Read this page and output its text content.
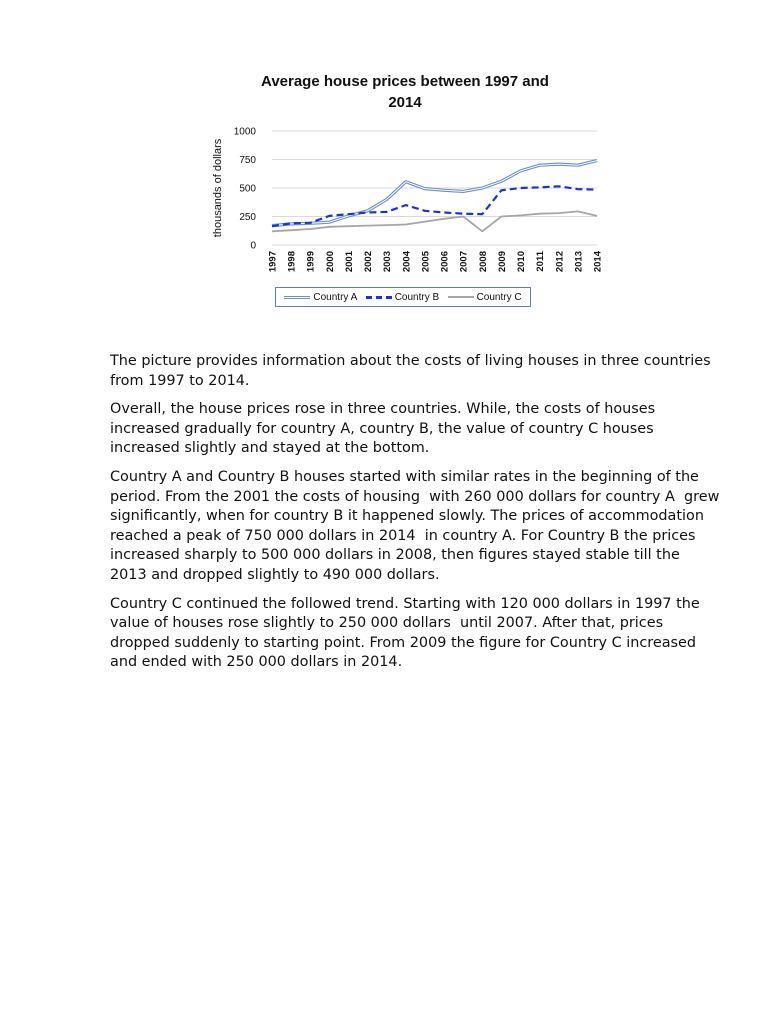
Average house prices between 1997 and
2014
0
250
500
750
1000
thousands of dollars
1997 1998 1999 2000 2001 2002 2003 2004 2005 2006 2007 2008 2009 2010 2011 2012 2013 2014
Country A	Country B	Country C

The picture provides information about the costs of living houses in three countries from 1997 to 2014.

Overall, the house prices rose in three countries. While, the costs of houses increased gradually for country A, country B, the value of country C houses increased slightly and stayed at the bottom.

Country A and Country B houses started with similar rates in the beginning of the period. From the 2001 the costs of housing  with 260 000 dollars for country A  grew significantly, when for country B it happened slowly. The prices of accommodation reached a peak of 750 000 dollars in 2014  in country A. For Country B the prices increased sharply to 500 000 dollars in 2008, then figures stayed stable till the 2013 and dropped slightly to 490 000 dollars.

Country C continued the followed trend. Starting with 120 000 dollars in 1997 the value of houses rose slightly to 250 000 dollars  until 2007. After that, prices dropped suddenly to starting point. From 2009 the figure for Country C increased and ended with 250 000 dollars in 2014.
